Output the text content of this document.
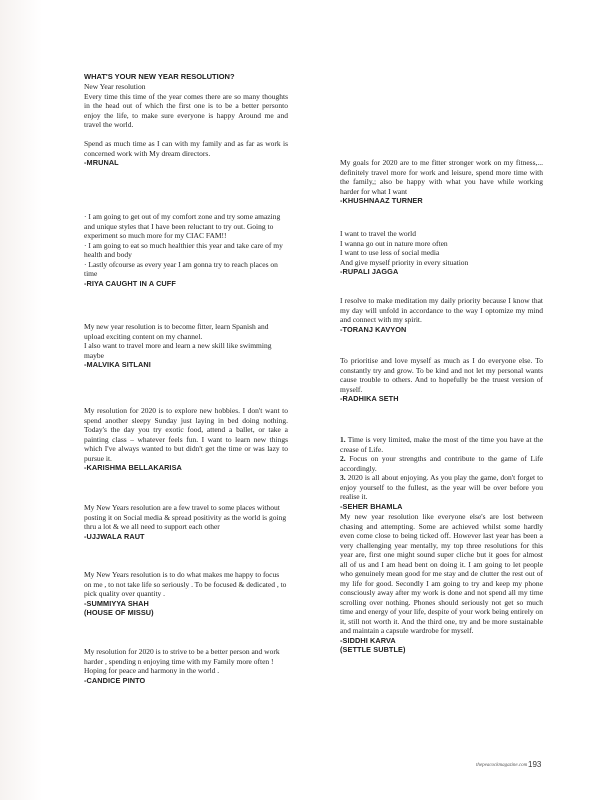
WHAT'S YOUR NEW YEAR RESOLUTION?

New Year resolution
Every time this time of the year comes there are so many thoughts in the head out of which the first one is to be a better personto enjoy the life, to make sure everyone is happy Around me and travel the world.

Spend as much time as I can with my family and as far as work is concerned work with My dream directors.

-MRUNAL

· I am going to get out of my comfort zone and try some amazing and unique styles that I have been reluctant to try out. Going to experiment so much more for my CIAC FAM!!
· I am going to eat so much healthier this year and take care of my health and body
· Lastly ofcourse as every year I am gonna try to reach places on time

-RIYA CAUGHT IN A CUFF

My new year resolution is to become fitter, learn Spanish and upload exciting content on my channel.
I also want to travel more and learn a new skill like swimming maybe

-MALVIKA SITLANI

My resolution for 2020 is to explore new hobbies. I don't want to spend another sleepy Sunday just laying in bed doing nothing. Today's the day you try exotic food, attend a ballet, or take a painting class – whatever feels fun. I want to learn new things which I've always wanted to but didn't get the time or was lazy to pursue it.

-KARISHMA BELLAKARISA

My New Years resolution are a few travel to some places without posting it on Social media & spread positivity as the world is going thru a lot & we all need to support each other

-UJJWALA RAUT

My New Years resolution is to do what makes me happy to focus on me , to not take life so seriously . To be focused & dedicated , to pick quality over quantity .

-SUMMIYYA SHAH
(HOUSE OF MISSU)

My resolution for 2020 is to strive to be a better person and work harder , spending n enjoying time with my Family more often ! Hoping for peace and harmony in the world .

-CANDICE PINTO

My goals for 2020 are to me fitter stronger work on my fitness,... definitely travel more for work and leisure, spend more time with the family,; also be happy with what you have while working harder for what I want

-KHUSHNAAZ TURNER

I want to travel the world
I wanna go out in nature more often
I want to use less of social media
And give myself priority in every situation

-RUPALI JAGGA

I resolve to make meditation my daily priority because I know that my day will unfold in accordance to the way I optomize my mind and connect with my spirit.

-TORANJ KAVYON

To prioritise and love myself as much as I do everyone else. To constantly try and grow. To be kind and not let my personal wants cause trouble to others. And to hopefully be the truest version of myself.

-RADHIKA SETH
1. Time is very limited, make the most of the time you have at the crease of Life.
2. Focus on your strengths and contribute to the game of Life accordingly.
3. 2020 is all about enjoying. As you play the game, don't forget to enjoy yourself to the fullest, as the year will be over before you realise it.
-SEHER BHAMLA

My new year resolution like everyone else's are lost between chasing and attempting. Some are achieved whilst some hardly even come close to being ticked off. However last year has been a very challenging year mentally, my top three resolutions for this year are, first one might sound super cliche but it goes for almost all of us and I am head bent on doing it. I am going to let people who genuinely mean good for me stay and de clutter the rest out of my life for good. Secondly I am going to try and keep my phone consciously away after my work is done and not spend all my time scrolling over nothing. Phones should seriously not get so much time and energy of your life, despite of your work being entirely on it, still not worth it. And the third one, try and be more sustainable and maintain a capsule wardrobe for myself.

-SIDDHI KARVA
(SETTLE SUBTLE)
thepeacockmagazine.com 193
